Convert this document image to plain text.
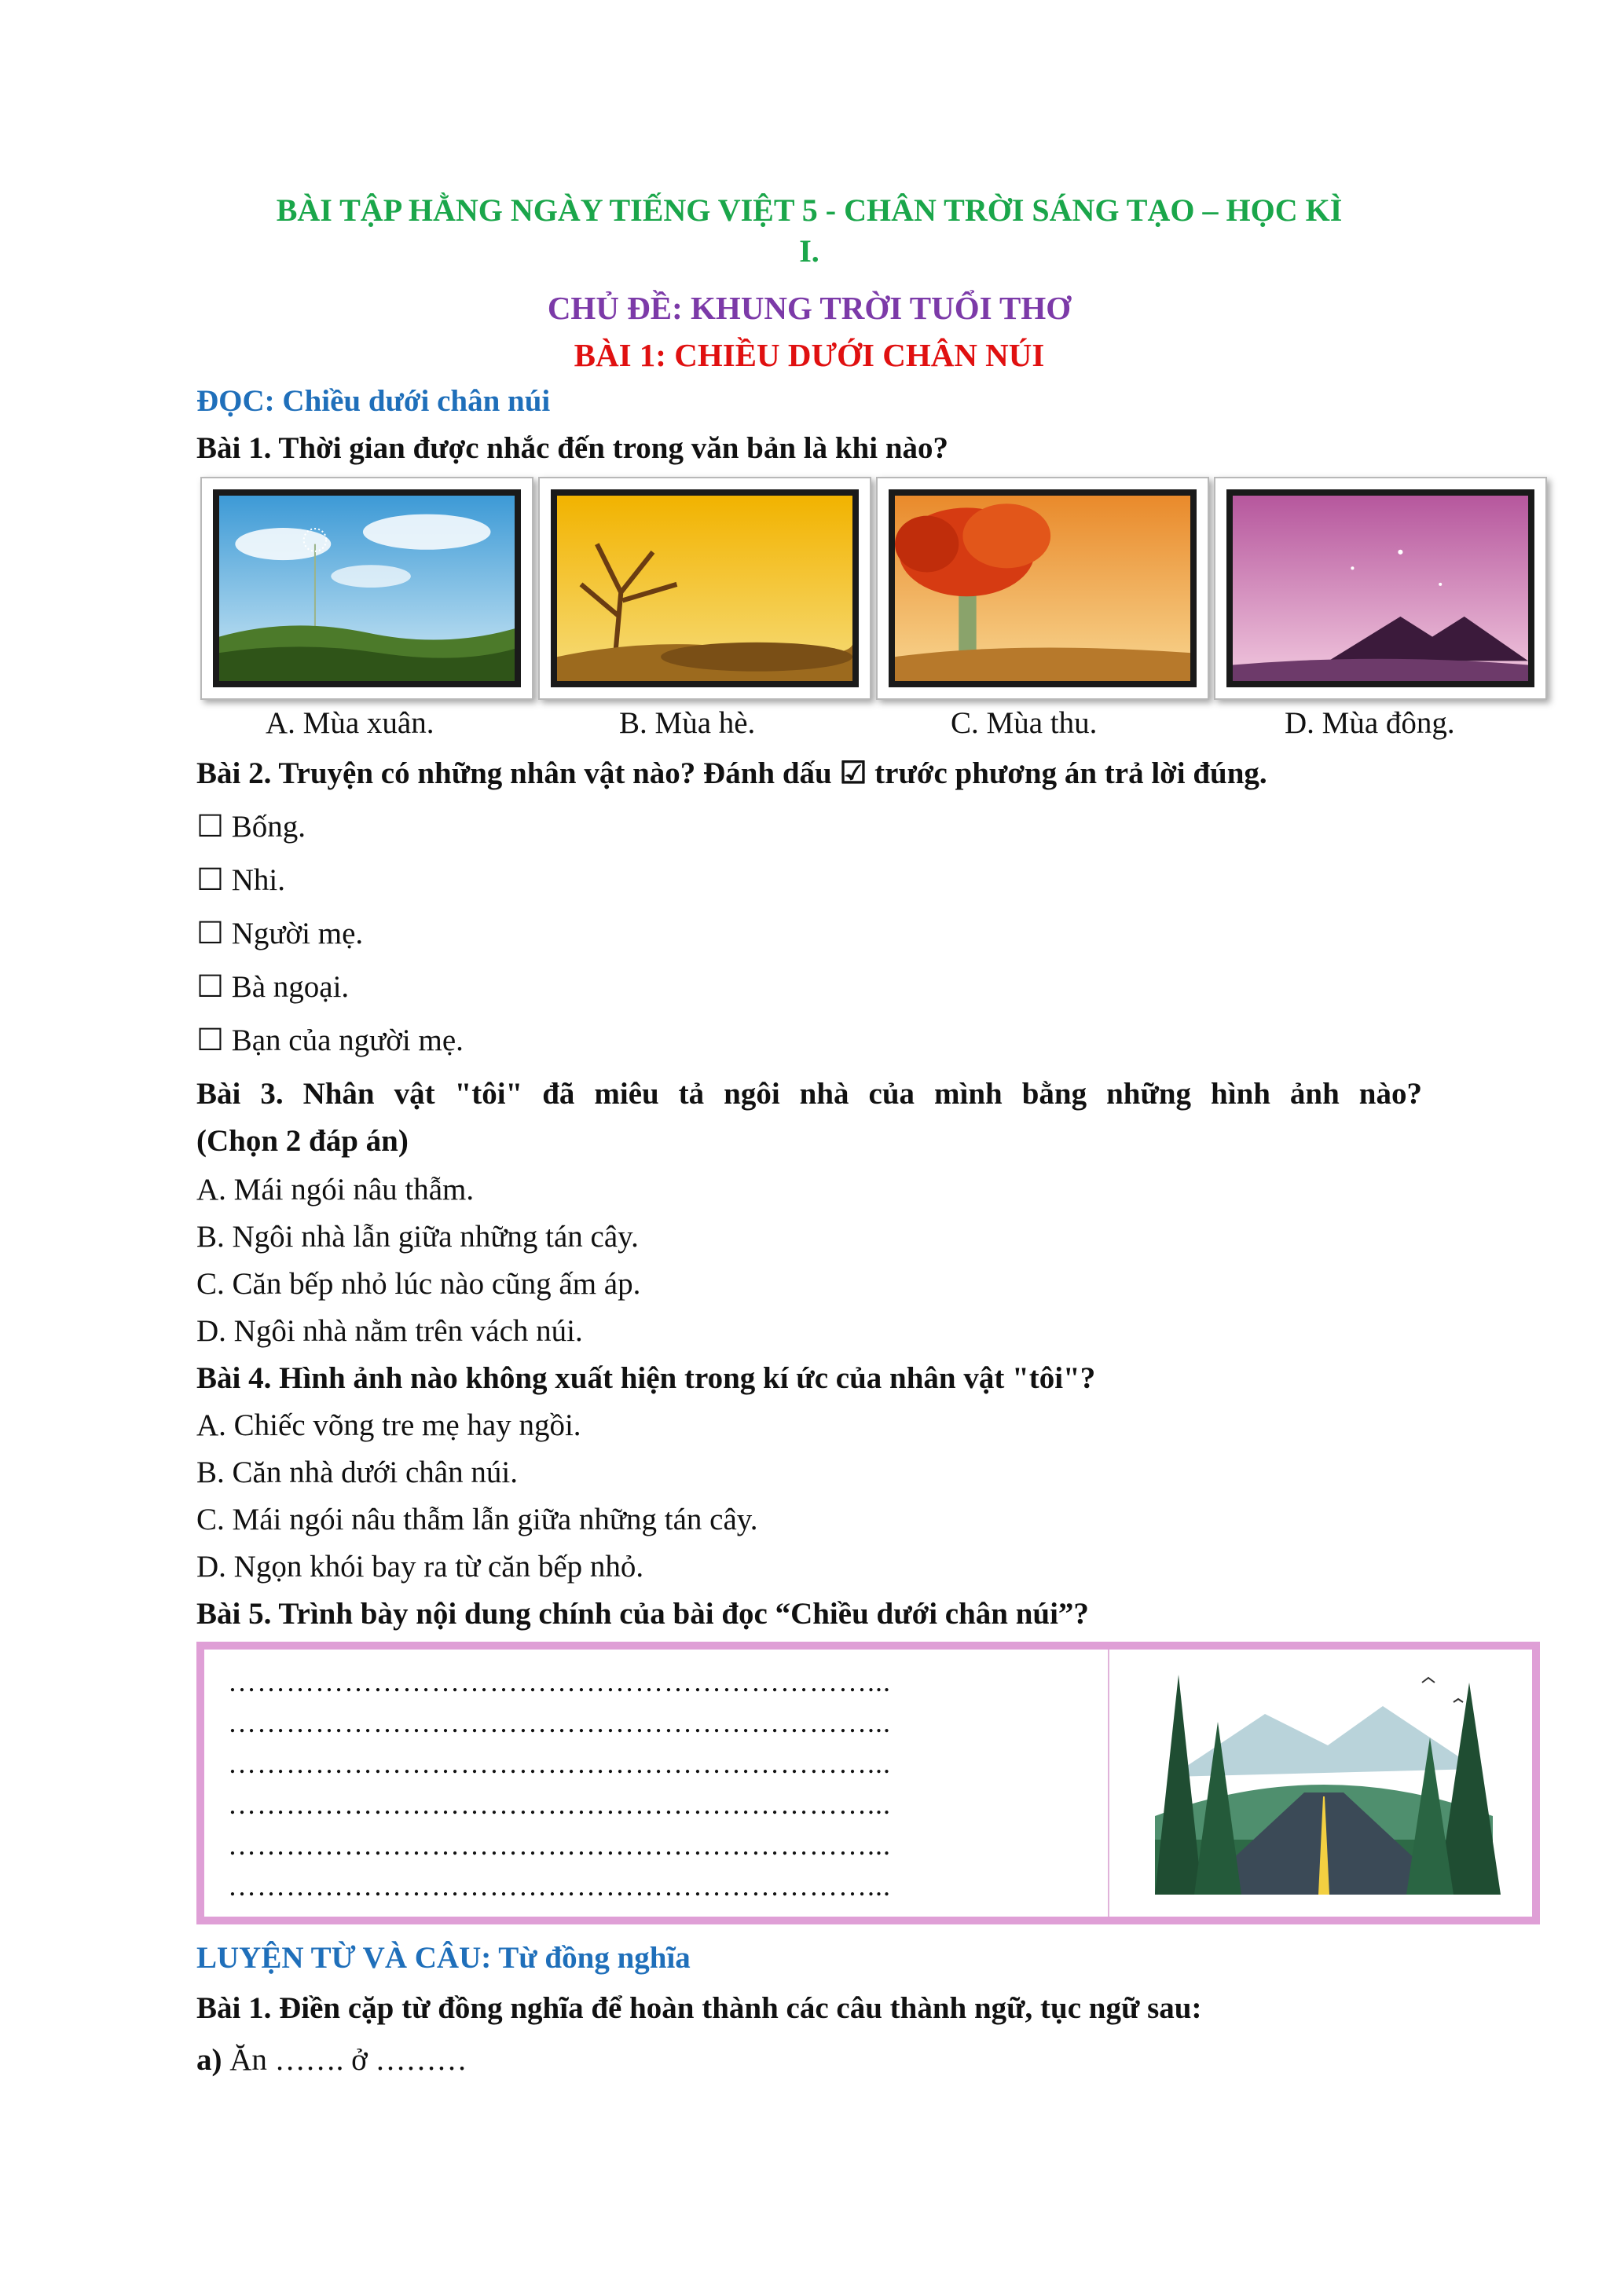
BÀI TẬP HẰNG NGÀY TIẾNG VIỆT 5 - CHÂN TRỜI SÁNG TẠO – HỌC KÌ
I.
CHỦ ĐỀ: KHUNG TRỜI TUỔI THƠ
BÀI 1: CHIỀU DƯỚI CHÂN NÚI
ĐỌC: Chiều dưới chân núi
Bài 1. Thời gian được nhắc đến trong văn bản là khi nào?
A. Mùa xuân.	B. Mùa hè.	C. Mùa thu.	D. Mùa đông.
Bài 2. Truyện có những nhân vật nào? Đánh dấu ☑ trước phương án trả lời đúng.
☐ Bống.
☐ Nhi.
☐ Người mẹ.
☐ Bà ngoại.
☐ Bạn của người mẹ.
Bài 3. Nhân vật "tôi" đã miêu tả ngôi nhà của mình bằng những hình ảnh nào?
(Chọn 2 đáp án)
A. Mái ngói nâu thẫm.
B. Ngôi nhà lẫn giữa những tán cây.
C. Căn bếp nhỏ lúc nào cũng ấm áp.
D. Ngôi nhà nằm trên vách núi.
Bài 4. Hình ảnh nào không xuất hiện trong kí ức của nhân vật "tôi"?
A. Chiếc võng tre mẹ hay ngồi.
B. Căn nhà dưới chân núi.
C. Mái ngói nâu thẫm lẫn giữa những tán cây.
D. Ngọn khói bay ra từ căn bếp nhỏ.
Bài 5. Trình bày nội dung chính của bài đọc “Chiều dưới chân núi”?
…………………………………………………………...
…………………………………………………………...
…………………………………………………………...
…………………………………………………………...
…………………………………………………………...
…………………………………………………………...
LUYỆN TỪ VÀ CÂU: Từ đồng nghĩa
Bài 1. Điền cặp từ đồng nghĩa để hoàn thành các câu thành ngữ, tục ngữ sau:
a) Ăn ……. ở ………
